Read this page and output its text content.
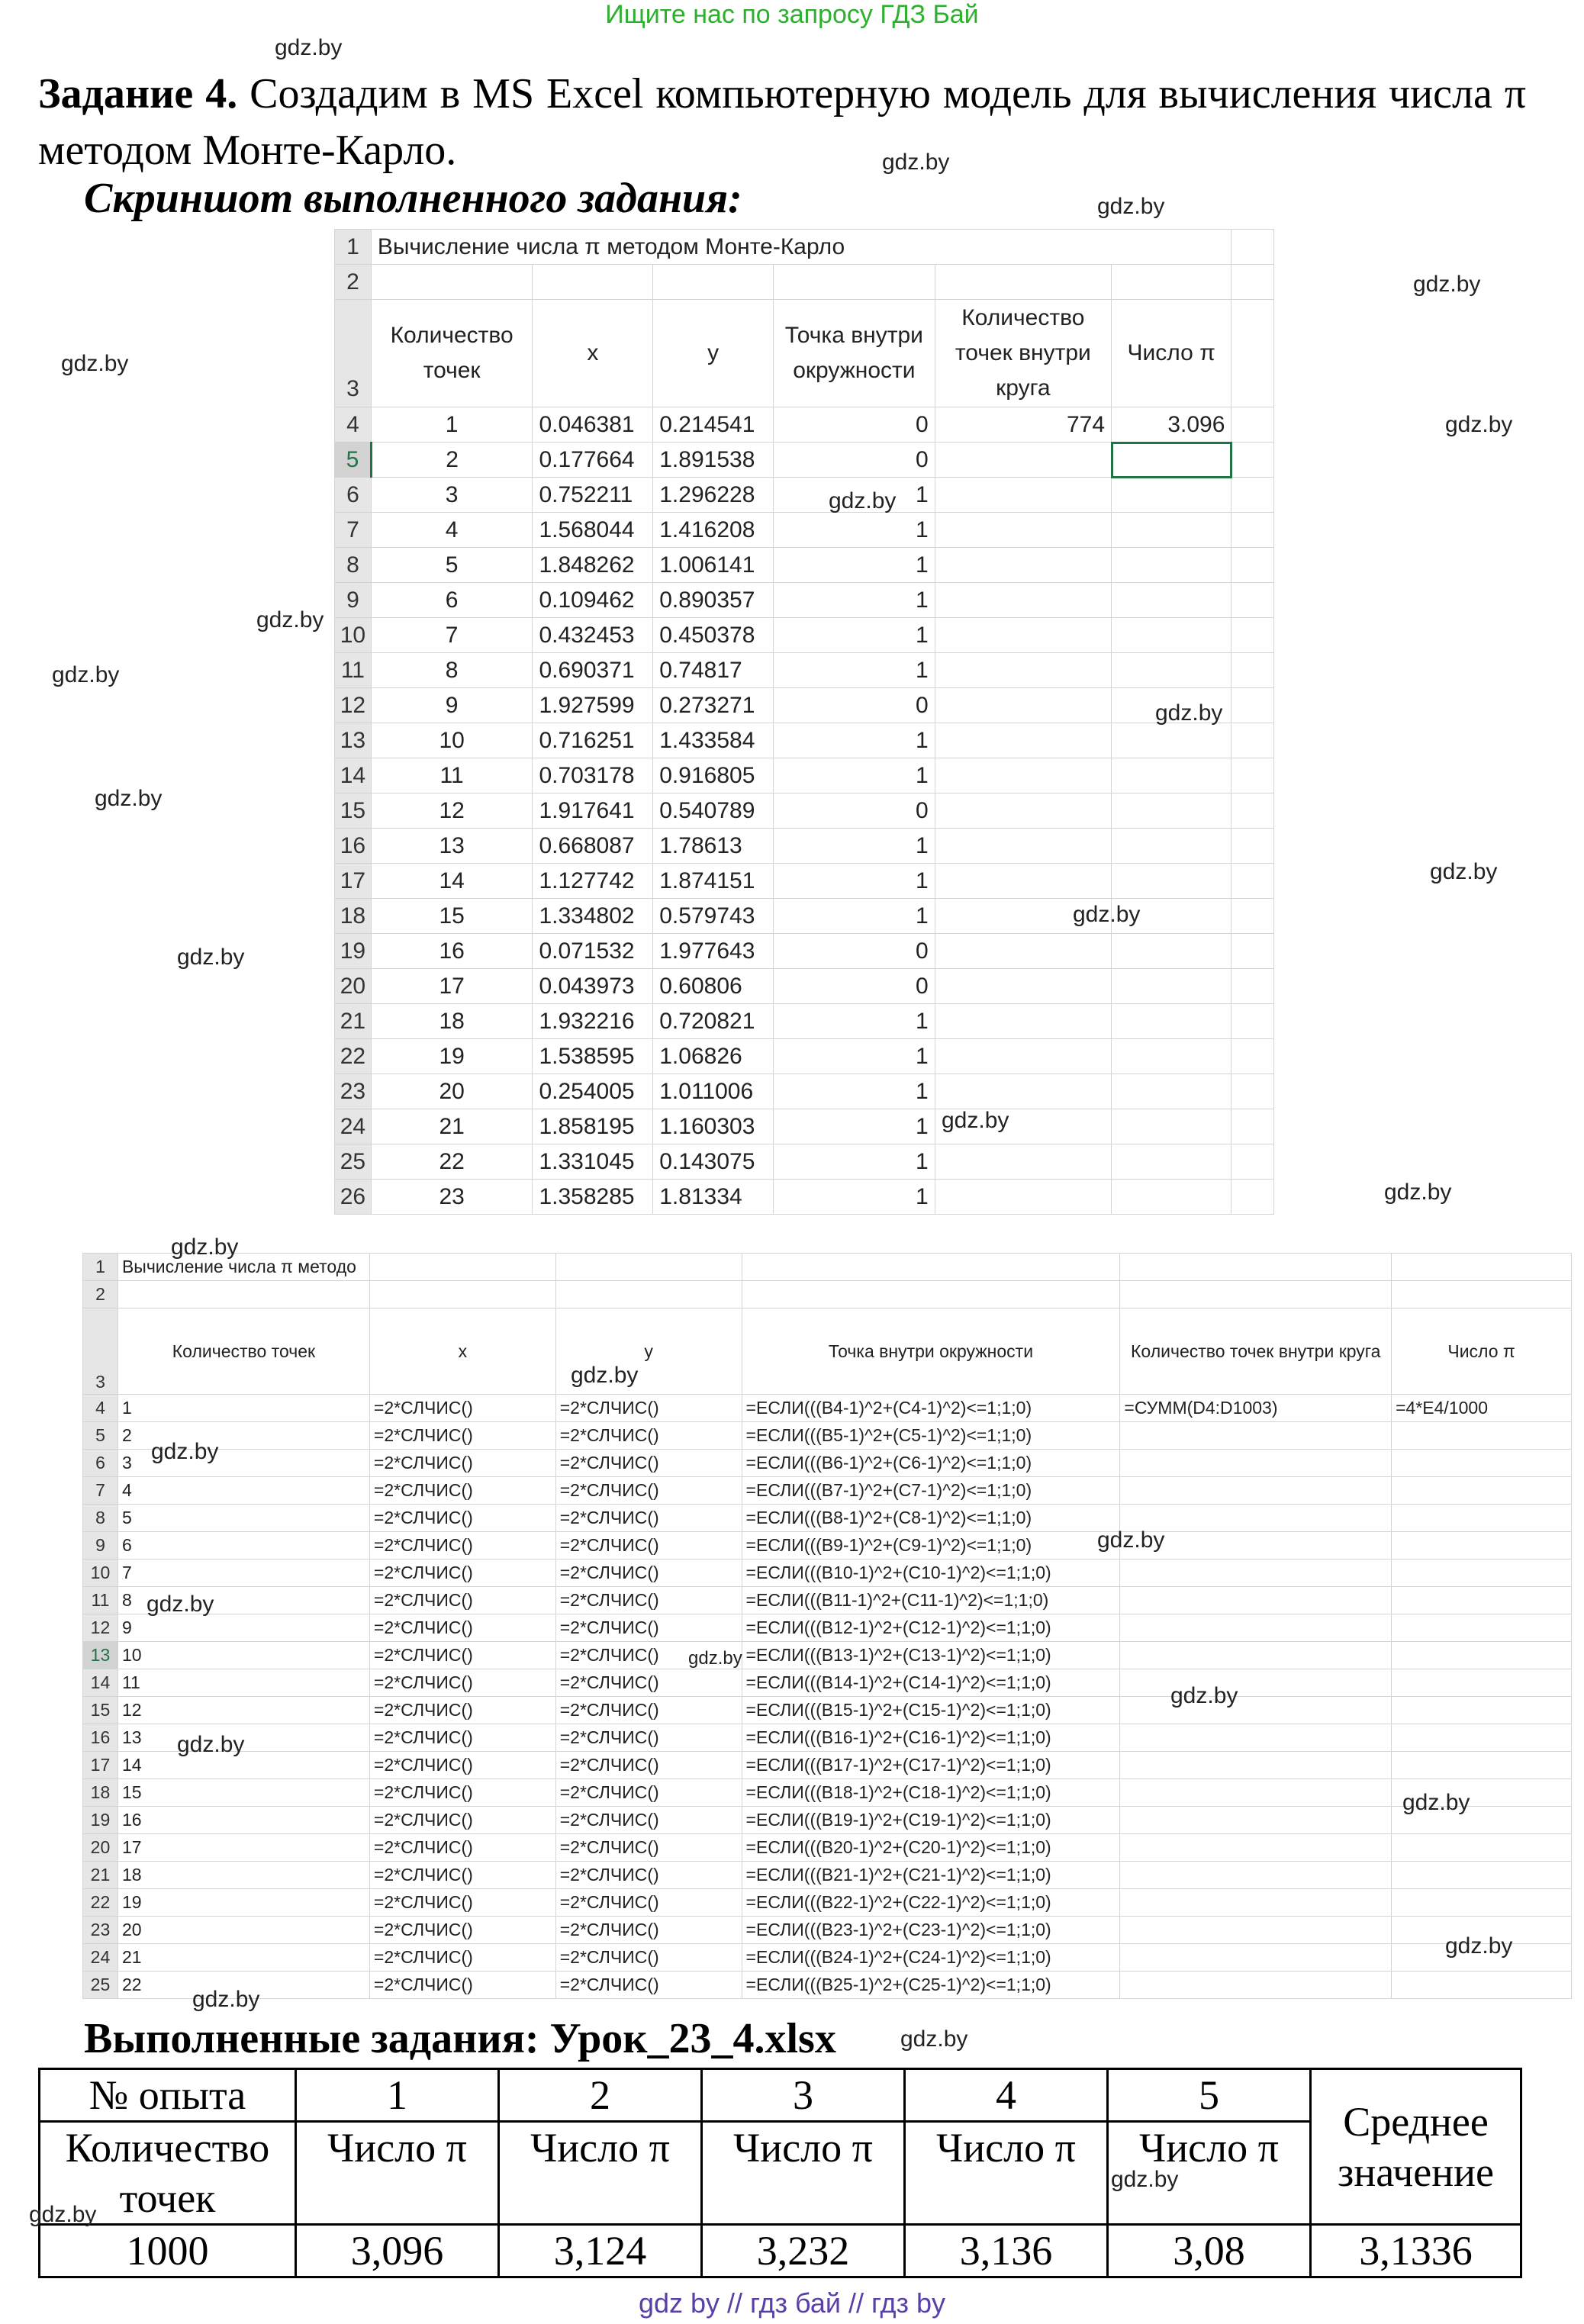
Ищите нас по запросу ГДЗ Бай
Задание 4. Создадим в MS Excel компьютерную модель для вычисления числа π методом Монте-Карло.
Скриншот выполненного задания:
1	Вычисление числа π методом Монте-Карло						
2							
3	Количество точек	x	y	Точка внутри окружности	Количество точек внутри круга	Число π	
4	1	0.046381	0.214541	0	774	3.096	
5	2	0.177664	1.891538	0			
6	3	0.752211	1.296228	1			
7	4	1.568044	1.416208	1			
8	5	1.848262	1.006141	1			
9	6	0.109462	0.890357	1			
10	7	0.432453	0.450378	1			
11	8	0.690371	0.74817	1			
12	9	1.927599	0.273271	0			
13	10	0.716251	1.433584	1			
14	11	0.703178	0.916805	1			
15	12	1.917641	0.540789	0			
16	13	0.668087	1.78613	1			
17	14	1.127742	1.874151	1			
18	15	1.334802	0.579743	1			
19	16	0.071532	1.977643	0			
20	17	0.043973	0.60806	0			
21	18	1.932216	0.720821	1			
22	19	1.538595	1.06826	1			
23	20	0.254005	1.011006	1			
24	21	1.858195	1.160303	1			
25	22	1.331045	0.143075	1			
26	23	1.358285	1.81334	1			
1	Вычисление числа π методо					
2						
3	Количество точек	x	y	Точка внутри окружности	Количество точек внутри круга	Число π
4	1	=2*СЛЧИС()	=2*СЛЧИС()	=ЕСЛИ(((B4-1)^2+(C4-1)^2)<=1;1;0)	=СУММ(D4:D1003)	=4*E4/1000
5	2	=2*СЛЧИС()	=2*СЛЧИС()	=ЕСЛИ(((B5-1)^2+(C5-1)^2)<=1;1;0)		
6	3	=2*СЛЧИС()	=2*СЛЧИС()	=ЕСЛИ(((B6-1)^2+(C6-1)^2)<=1;1;0)		
7	4	=2*СЛЧИС()	=2*СЛЧИС()	=ЕСЛИ(((B7-1)^2+(C7-1)^2)<=1;1;0)		
8	5	=2*СЛЧИС()	=2*СЛЧИС()	=ЕСЛИ(((B8-1)^2+(C8-1)^2)<=1;1;0)		
9	6	=2*СЛЧИС()	=2*СЛЧИС()	=ЕСЛИ(((B9-1)^2+(C9-1)^2)<=1;1;0)		
10	7	=2*СЛЧИС()	=2*СЛЧИС()	=ЕСЛИ(((B10-1)^2+(C10-1)^2)<=1;1;0)		
11	8	=2*СЛЧИС()	=2*СЛЧИС()	=ЕСЛИ(((B11-1)^2+(C11-1)^2)<=1;1;0)		
12	9	=2*СЛЧИС()	=2*СЛЧИС()	=ЕСЛИ(((B12-1)^2+(C12-1)^2)<=1;1;0)		
13	10	=2*СЛЧИС()	=2*СЛЧИС()	=ЕСЛИ(((B13-1)^2+(C13-1)^2)<=1;1;0)		
14	11	=2*СЛЧИС()	=2*СЛЧИС()	=ЕСЛИ(((B14-1)^2+(C14-1)^2)<=1;1;0)		
15	12	=2*СЛЧИС()	=2*СЛЧИС()	=ЕСЛИ(((B15-1)^2+(C15-1)^2)<=1;1;0)		
16	13	=2*СЛЧИС()	=2*СЛЧИС()	=ЕСЛИ(((B16-1)^2+(C16-1)^2)<=1;1;0)		
17	14	=2*СЛЧИС()	=2*СЛЧИС()	=ЕСЛИ(((B17-1)^2+(C17-1)^2)<=1;1;0)		
18	15	=2*СЛЧИС()	=2*СЛЧИС()	=ЕСЛИ(((B18-1)^2+(C18-1)^2)<=1;1;0)		
19	16	=2*СЛЧИС()	=2*СЛЧИС()	=ЕСЛИ(((B19-1)^2+(C19-1)^2)<=1;1;0)		
20	17	=2*СЛЧИС()	=2*СЛЧИС()	=ЕСЛИ(((B20-1)^2+(C20-1)^2)<=1;1;0)		
21	18	=2*СЛЧИС()	=2*СЛЧИС()	=ЕСЛИ(((B21-1)^2+(C21-1)^2)<=1;1;0)		
22	19	=2*СЛЧИС()	=2*СЛЧИС()	=ЕСЛИ(((B22-1)^2+(C22-1)^2)<=1;1;0)		
23	20	=2*СЛЧИС()	=2*СЛЧИС()	=ЕСЛИ(((B23-1)^2+(C23-1)^2)<=1;1;0)		
24	21	=2*СЛЧИС()	=2*СЛЧИС()	=ЕСЛИ(((B24-1)^2+(C24-1)^2)<=1;1;0)		
25	22	=2*СЛЧИС()	=2*СЛЧИС()	=ЕСЛИ(((B25-1)^2+(C25-1)^2)<=1;1;0)		
Выполненные задания: Урок_23_4.xlsx
№ опыта	1	2	3	4	5	Среднее значение
Количество точек	Число π	Число π	Число π	Число π	Число π	
1000	3,096	3,124	3,232	3,136	3,08	3,1336
gdz.by
gdz.by
gdz.by
gdz.by
gdz.by
gdz.by
gdz.by
gdz.by
gdz.by
gdz.by
gdz.by
gdz.by
gdz.by
gdz.by
gdz.by
gdz.by
gdz.by
gdz.by
gdz.by
gdz.by
gdz.by
gdz.by
gdz.by
gdz.by
gdz.by
gdz.by
gdz.by
gdz.by
gdz.by
gdz.by
gdz by // гдз бай // гдз by
